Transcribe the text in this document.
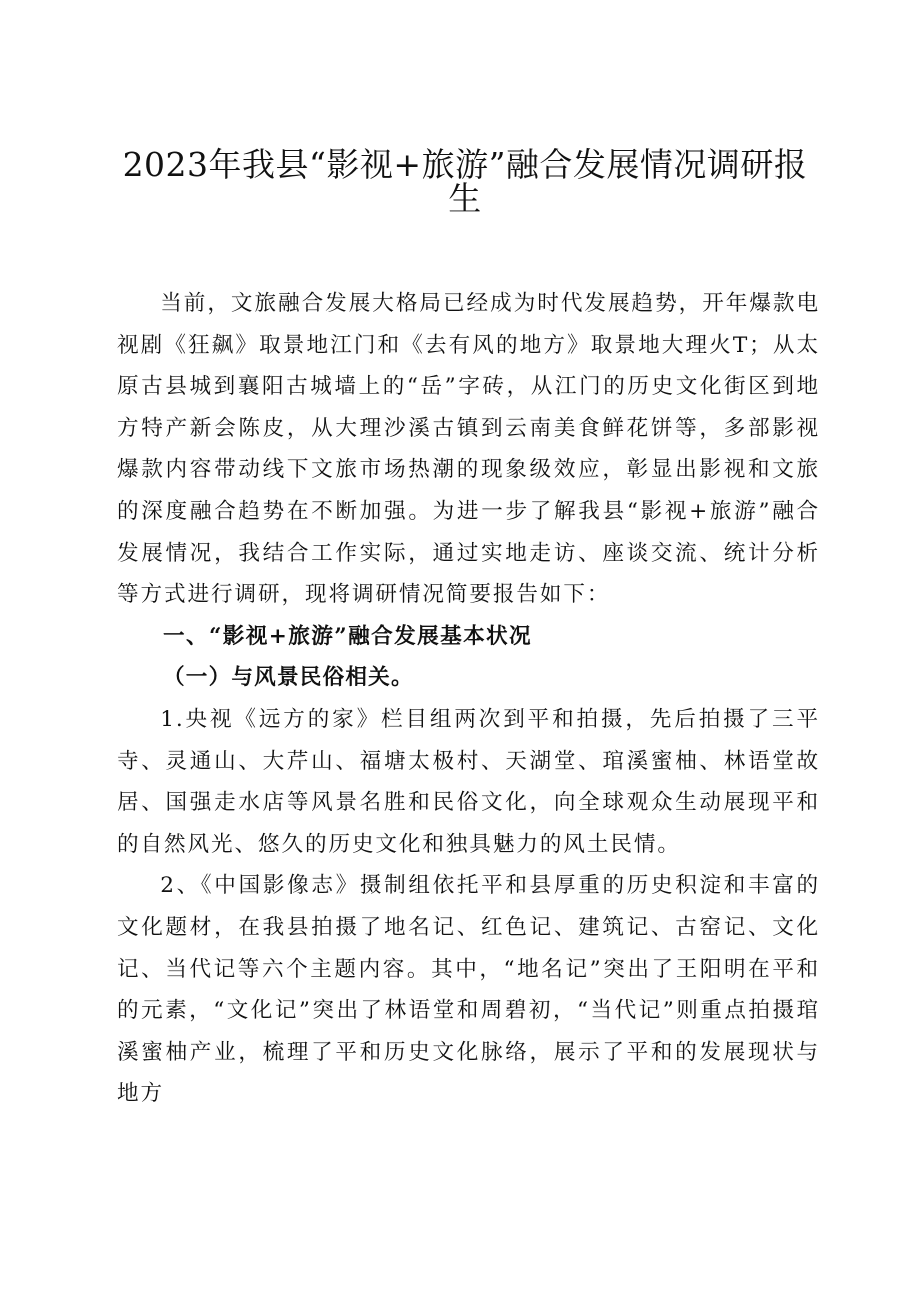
2023年我县“影视+旅游”融合发展情况调研报生

当前，文旅融合发展大格局已经成为时代发展趋势，开年爆款电视剧《狂飙》取景地江门和《去有风的地方》取景地大理火T；从太原古县城到襄阳古城墙上的“岳”字砖，从江门的历史文化街区到地方特产新会陈皮，从大理沙溪古镇到云南美食鲜花饼等，多部影视爆款内容带动线下文旅市场热潮的现象级效应，彰显出影视和文旅的深度融合趋势在不断加强。为进一步了解我县“影视+旅游”融合发展情况，我结合工作实际，通过实地走访、座谈交流、统计分析等方式进行调研，现将调研情况简要报告如下：

一、“影视+旅游”融合发展基本状况

（一）与风景民俗相关。

1.央视《远方的家》栏目组两次到平和拍摄，先后拍摄了三平寺、灵通山、大芹山、福塘太极村、天湖堂、琯溪蜜柚、林语堂故居、国强走水店等风景名胜和民俗文化，向全球观众生动展现平和的自然风光、悠久的历史文化和独具魅力的风土民情。

2、《中国影像志》摄制组依托平和县厚重的历史积淀和丰富的文化题材，在我县拍摄了地名记、红色记、建筑记、古窑记、文化记、当代记等六个主题内容。其中，“地名记”突出了王阳明在平和的元素，“文化记”突出了林语堂和周碧初，“当代记”则重点拍摄琯溪蜜柚产业，梳理了平和历史文化脉络，展示了平和的发展现状与地方
